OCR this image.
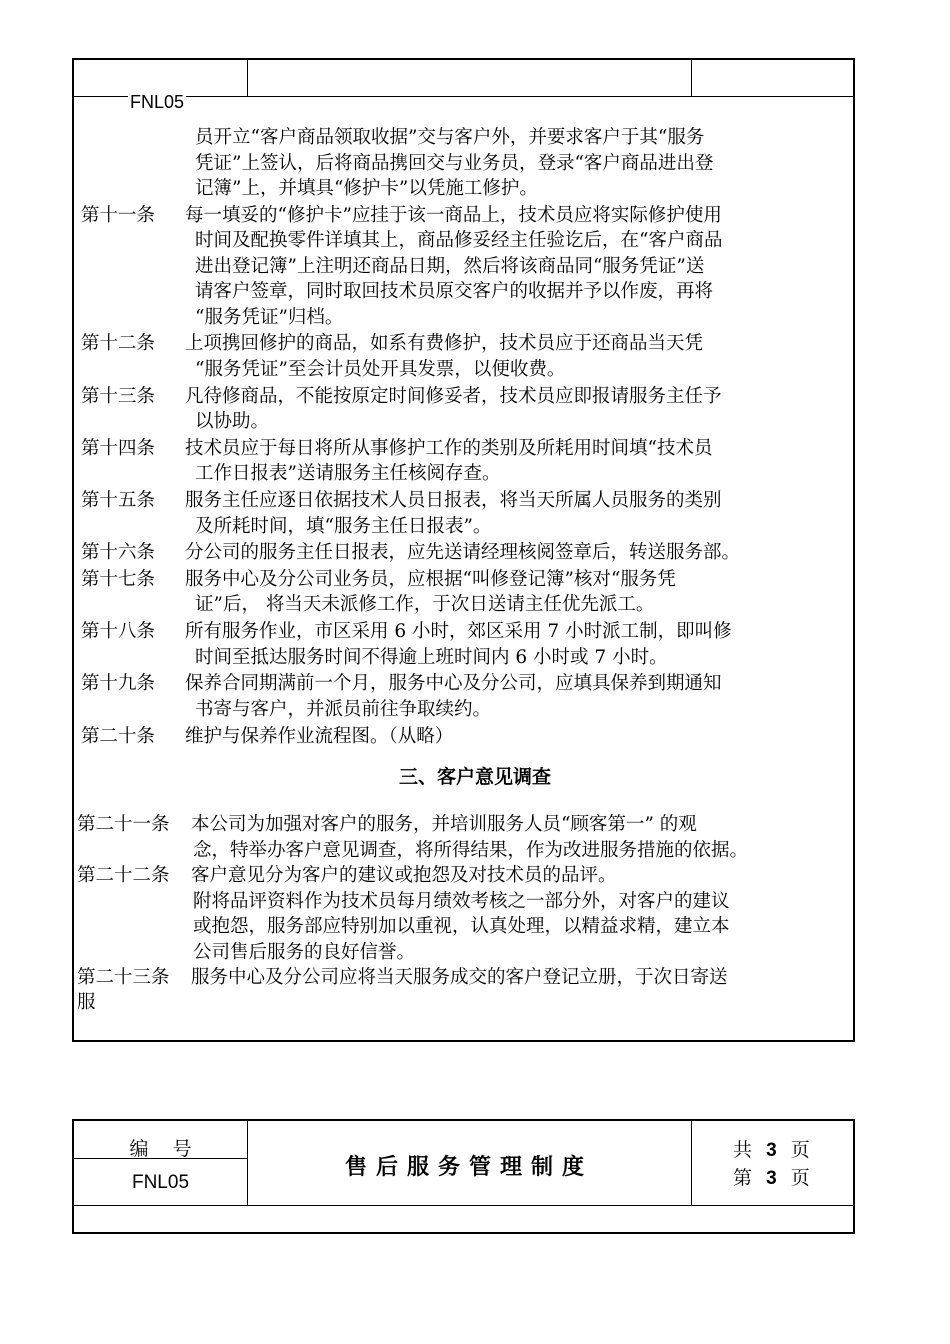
FNL05
员开立“客户商品领取收据”交与客户外，并要求客户于其“服务
凭证”上签认，后将商品携回交与业务员，登录“客户商品进出登
记簿”上，并填具“修护卡”以凭施工修护。
第十一条 每一填妥的“修护卡”应挂于该一商品上，技术员应将实际修护使用
时间及配换零件详填其上，商品修妥经主任验讫后，在“客户商品
进出登记簿”上注明还商品日期，然后将该商品同“服务凭证”送
请客户签章，同时取回技术员原交客户的收据并予以作废，再将
“服务凭证”归档。
第十二条 上项携回修护的商品，如系有费修护，技术员应于还商品当天凭
“服务凭证”至会计员处开具发票，以便收费。
第十三条 凡待修商品，不能按原定时间修妥者，技术员应即报请服务主任予
以协助。
第十四条 技术员应于每日将所从事修护工作的类别及所耗用时间填“技术员
工作日报表”送请服务主任核阅存查。
第十五条 服务主任应逐日依据技术人员日报表，将当天所属人员服务的类别
及所耗时间，填“服务主任日报表”。
第十六条 分公司的服务主任日报表，应先送请经理核阅签章后，转送服务部。
第十七条 服务中心及分公司业务员，应根据“叫修登记簿”核对“服务凭
证”后， 将当天未派修工作，于次日送请主任优先派工。
第十八条 所有服务作业，市区采用 6 小时，郊区采用 7 小时派工制，即叫修
时间至抵达服务时间不得逾上班时间内 6 小时或 7 小时。
第十九条 保养合同期满前一个月，服务中心及分公司，应填具保养到期通知
书寄与客户，并派员前往争取续约。
第二十条 维护与保养作业流程图。（从略）
三、客户意见调查
第二十一条 本公司为加强对客户的服务，并培训服务人员“顾客第一” 的观
念，特举办客户意见调查，将所得结果，作为改进服务措施的依据。
第二十二条 客户意见分为客户的建议或抱怨及对技术员的品评。
附将品评资料作为技术员每月绩效考核之一部分外，对客户的建议
或抱怨，服务部应特别加以重视，认真处理，以精益求精，建立本
公司售后服务的良好信誉。
第二十三条 服务中心及分公司应将当天服务成交的客户登记立册，于次日寄送
服
编 号
FNL05
售后服务管理制度
共 3 页
第 3 页
